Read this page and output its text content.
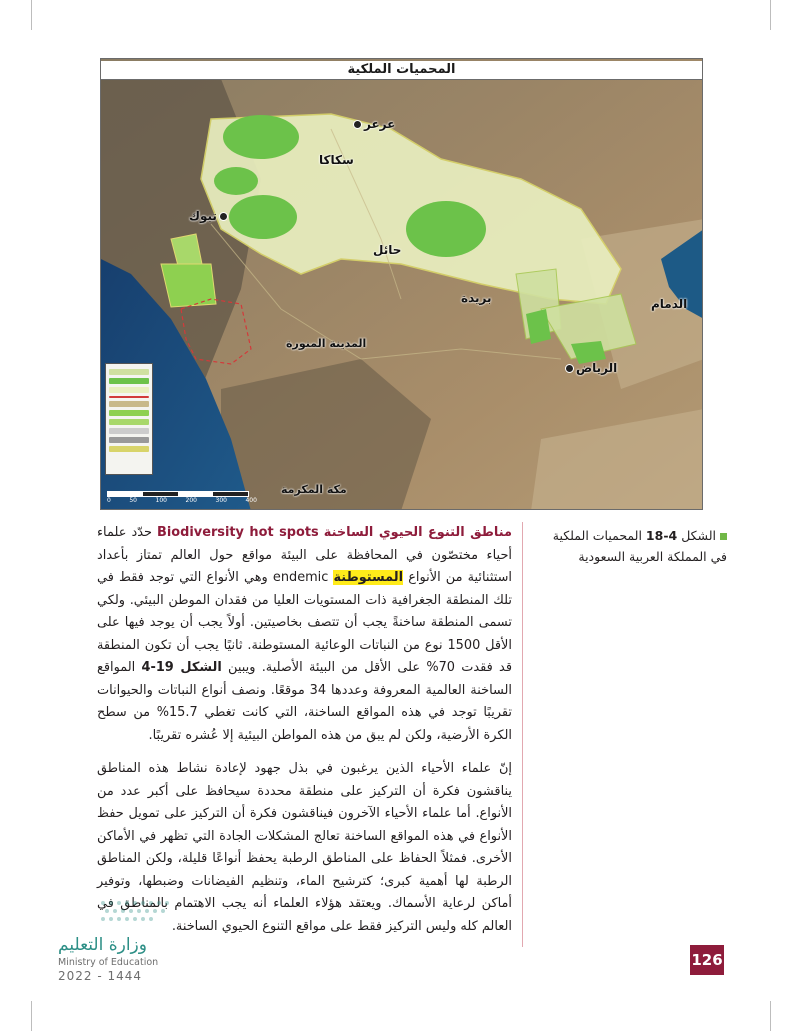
المحميات الملكية
عرعر
سكاكا
تبوك
حائل
بريدة	الدمام
الرياض
المدينة المنورة
مكة المكرمة
0	50	100	200	300	400
الشكل 18-4 المحميات الملكية في المملكة العربية السعودية

مناطق التنوع الحيوي الساخنة Biodiversity hot spots حدّد علماء أحياء مختصّون في المحافظة على البيئة مواقع حول العالم تمتاز بأعداد استثنائية من الأنواع المستوطنة endemic وهي الأنواع التي توجد فقط في تلك المنطقة الجغرافية ذات المستويات العليا من فقدان الموطن البيئي. ولكي تسمى المنطقة ساخنةً يجب أن تتصف بخاصيتين. أولاً يجب أن يوجد فيها على الأقل 1500 نوع من النباتات الوعائية المستوطنة. ثانيًا يجب أن تكون المنطقة قد فقدت 70% على الأقل من البيئة الأصلية. ويبين الشكل 19-4 المواقع الساخنة العالمية المعروفة وعددها 34 موقعًا. ونصف أنواع النباتات والحيوانات تقريبًا توجد في هذه المواقع الساخنة، التي كانت تغطي 15.7% من سطح الكرة الأرضية، ولكن لم يبق من هذه المواطن البيئية إلا عُشره تقريبًا.

إنّ علماء الأحياء الذين يرغبون في بذل جهود لإعادة نشاط هذه المناطق يناقشون فكرة أن التركيز على منطقة محددة سيحافظ على أكبر عدد من الأنواع. أما علماء الأحياء الآخرون فيناقشون فكرة أن التركيز على تمويل حفظ الأنواع في هذه المواقع الساخنة تعالج المشكلات الجادة التي تظهر في الأماكن الأخرى. فمثلاً الحفاظ على المناطق الرطبة يحفظ أنواعًا قليلة، ولكن المناطق الرطبة لها أهمية كبرى؛ كترشيح الماء، وتنظيم الفيضانات وضبطها، وتوفير أماكن لرعاية الأسماك. ويعتقد هؤلاء العلماء أنه يجب الاهتمام بالمناطق في العالم كله وليس التركيز فقط على مواقع التنوع الحيوي الساخنة.

وزارة التعليم
Ministry of Education
2022 - 1444
126
